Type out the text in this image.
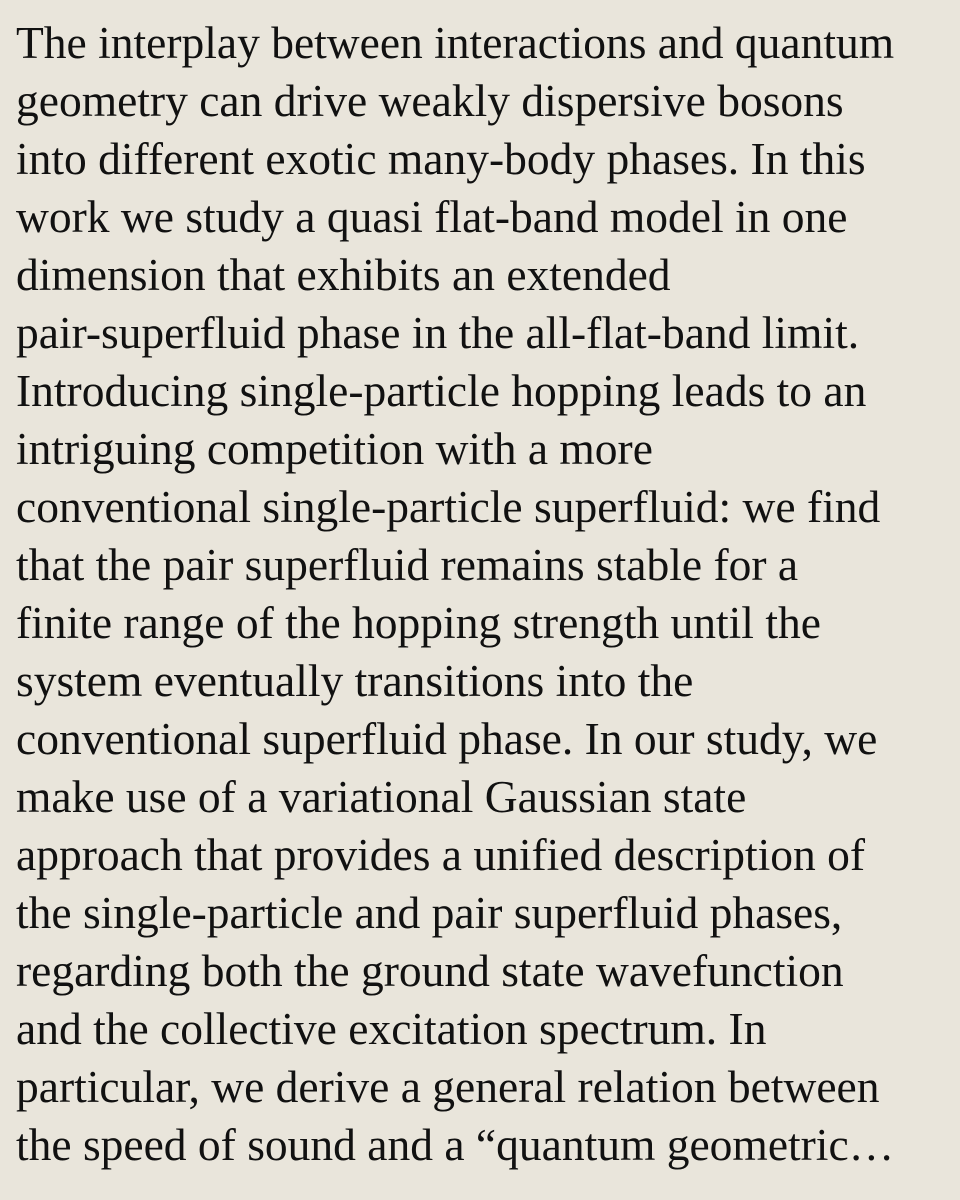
The interplay between interactions and quantum
geometry can drive weakly dispersive bosons
into different exotic many-body phases. In this
work we study a quasi flat-band model in one
dimension that exhibits an extended
pair-superfluid phase in the all-flat-band limit.
Introducing single-particle hopping leads to an
intriguing competition with a more
conventional single-particle superfluid: we find
that the pair superfluid remains stable for a
finite range of the hopping strength until the
system eventually transitions into the
conventional superfluid phase. In our study, we
make use of a variational Gaussian state
approach that provides a unified description of
the single-particle and pair superfluid phases,
regarding both the ground state wavefunction
and the collective excitation spectrum. In
particular, we derive a general relation between
the speed of sound and a “quantum geometric…
